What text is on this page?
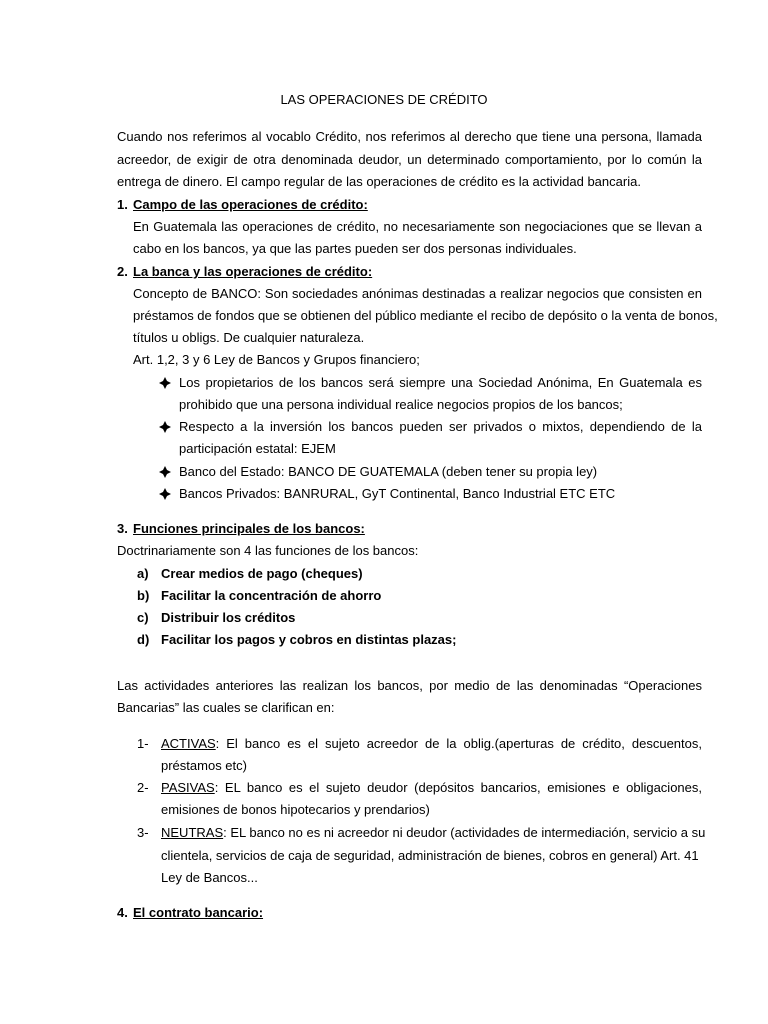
LAS OPERACIONES DE CRÉDITO
Cuando nos referimos al vocablo Crédito, nos referimos al derecho que tiene una persona, llamada
acreedor, de exigir de otra denominada deudor, un determinado comportamiento, por lo común la
entrega de dinero. El campo regular de las operaciones de crédito es la actividad bancaria.
1. Campo de las operaciones de crédito:
En Guatemala las operaciones de crédito, no necesariamente son negociaciones que se llevan a
cabo en los bancos, ya que las partes pueden ser dos personas individuales.
2. La banca y las operaciones de crédito:
Concepto de BANCO: Son sociedades anónimas destinadas a realizar negocios que consisten en
préstamos de fondos que se obtienen del público mediante el recibo de depósito o la venta de bonos,
títulos u obligs. De cualquier naturaleza.
Art. 1,2, 3 y 6 Ley de Bancos y Grupos financiero;
Los propietarios de los bancos será siempre una Sociedad Anónima, En Guatemala es
prohibido que una persona individual realice negocios propios de los bancos;
Respecto a la inversión los bancos pueden ser privados o mixtos, dependiendo de la
participación estatal: EJEM
Banco del Estado: BANCO DE GUATEMALA (deben tener su propia ley)
Bancos Privados: BANRURAL, GyT Continental, Banco Industrial ETC ETC
3. Funciones principales de los bancos:
Doctrinariamente son 4 las funciones de los bancos:
a) Crear medios de pago (cheques)
b) Facilitar la concentración de ahorro
c) Distribuir los créditos
d) Facilitar los pagos y cobros en distintas plazas;
Las actividades anteriores las realizan los bancos, por medio de las denominadas “Operaciones
Bancarias” las cuales se clarifican en:
1- ACTIVAS: El banco es el sujeto acreedor de la oblig.(aperturas de crédito, descuentos,
préstamos etc)
2- PASIVAS: EL banco es el sujeto deudor (depósitos bancarios, emisiones e obligaciones,
emisiones de bonos hipotecarios y prendarios)
3- NEUTRAS: EL banco no es ni acreedor ni deudor (actividades de intermediación, servicio a su
clientela, servicios de caja de seguridad, administración de bienes, cobros en general) Art. 41
Ley de Bancos...
4. El contrato bancario:
